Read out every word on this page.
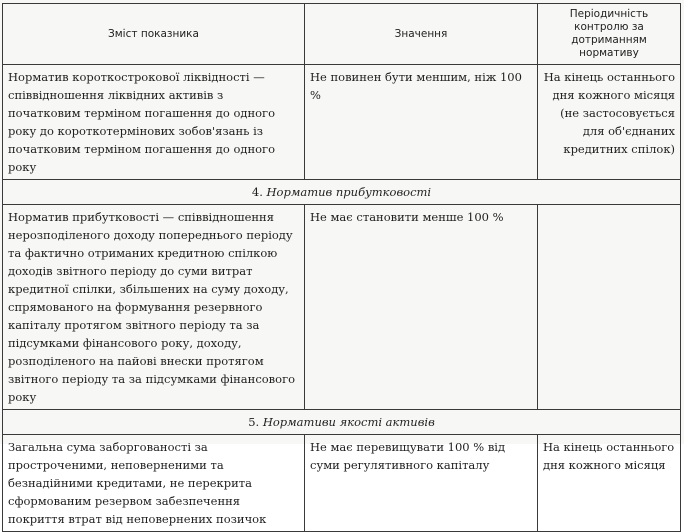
Зміст показника	Значення	Періодичність контролю за дотриманням нормативу
Норматив короткострокової ліквідності — співвідношення ліквідних активів з початковим терміном погашення до одного року до короткотермінових зобов'язань із початковим терміном погашення до одного року	Не повинен бути меншим, ніж 100 %	На кінець останнього дня кожного місяця (не застосовується для об'єднаних кредитних спілок)
4. Норматив прибутковості		
Норматив прибутковості — співвідношення нерозподіленого доходу попереднього періоду та фактично отриманих кредитною спілкою доходів звітного періоду до суми витрат кредитної спілки, збільшених на суму доходу, спрямованого на формування резервного капіталу протягом звітного періоду та за підсумками фінансового року, доходу, розподіленого на пайові внески протягом звітного періоду та за підсумками фінансового року	Не має становити менше 100 %	
5. Нормативи якості активів		
Загальна сума заборгованості за простроченими, неповерненими та безнадійними кредитами, не перекрита сформованим резервом забезпечення покриття втрат від неповернених позичок	Не має перевищувати 100 % від суми регулятивного капіталу	На кінець останнього дня кожного місяця
